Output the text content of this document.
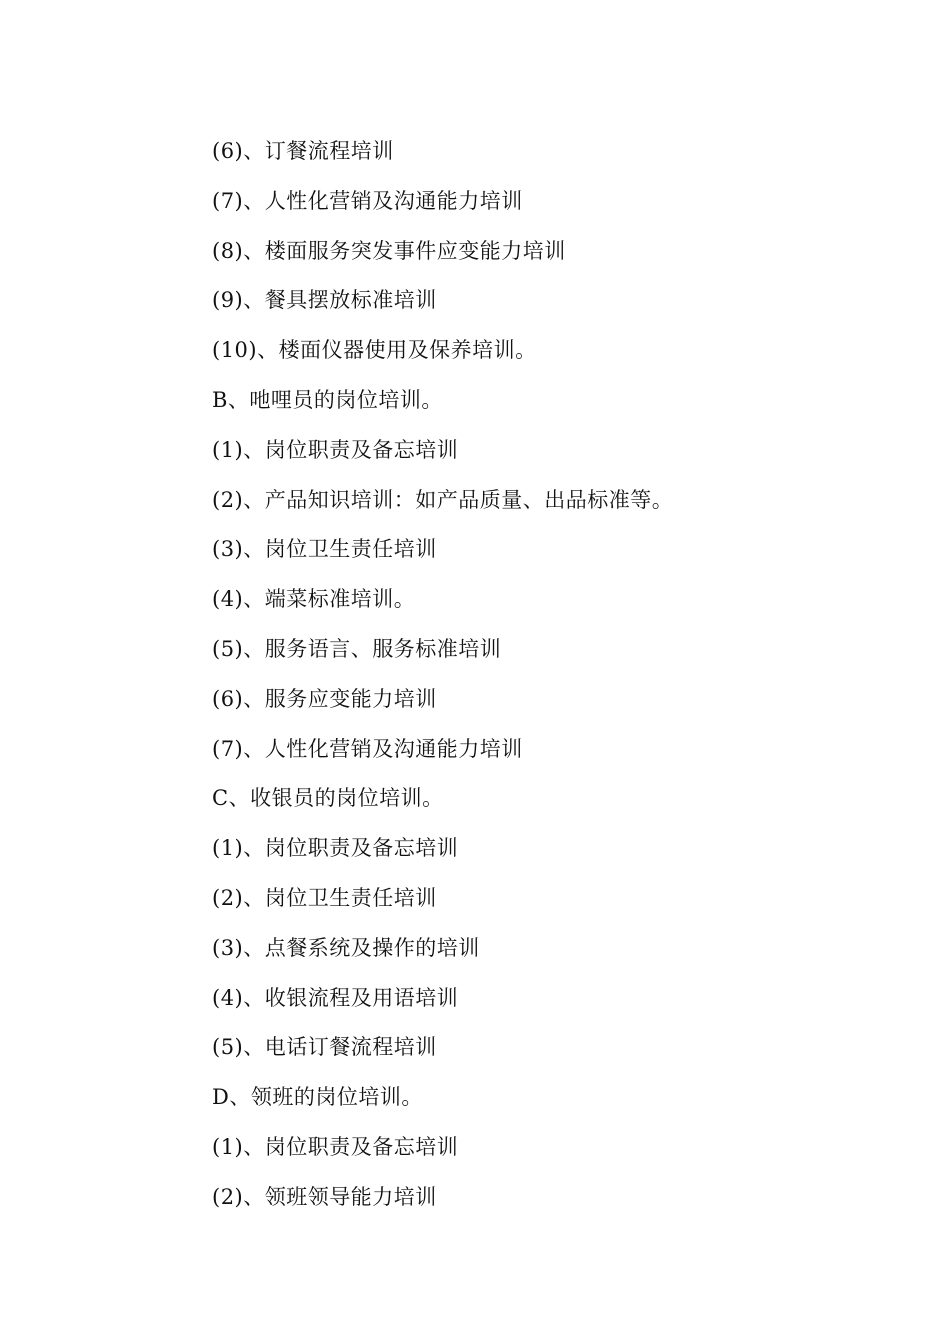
(6)、订餐流程培训
(7)、人性化营销及沟通能力培训
(8)、楼面服务突发事件应变能力培训
(9)、餐具摆放标准培训
(10)、楼面仪器使用及保养培训。
B、吔哩员的岗位培训。
(1)、岗位职责及备忘培训
(2)、产品知识培训：如产品质量、出品标准等。
(3)、岗位卫生责任培训
(4)、端菜标准培训。
(5)、服务语言、服务标准培训
(6)、服务应变能力培训
(7)、人性化营销及沟通能力培训
C、收银员的岗位培训。
(1)、岗位职责及备忘培训
(2)、岗位卫生责任培训
(3)、点餐系统及操作的培训
(4)、收银流程及用语培训
(5)、电话订餐流程培训
D、领班的岗位培训。
(1)、岗位职责及备忘培训
(2)、领班领导能力培训
